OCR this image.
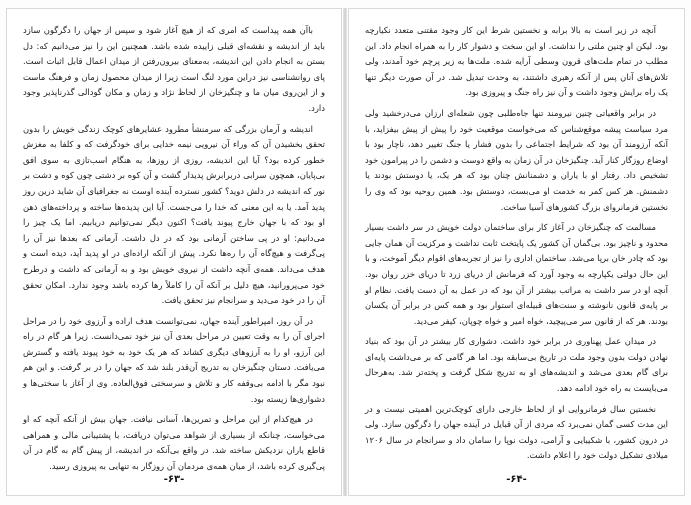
باآن همه پیداست که امری که از هیچ آغاز شود و سپس از جهان را دگرگون سازد باید از اندیشه و نقشه‌ای قبلی زاییده شده باشد. همچنین این را نیز می‌دانیم که: دل بستن به انجام دادن این اندیشه، به‌معنای بیرون‌رفتن از میدان اعمال قابل اثبات است. پای روانشناسی نیز دراین مورد لنگ است زیرا از میدان محصول زمان و فرهنگ ماست و از این‌روی میان ما و چنگیزخان از لحاظ نژاد و زمان و مکان گودالی گذرناپذیر وجود دارد.

اندیشه و آرمان بزرگی که سرمنشأ مطرود عشایرهای کوچک زندگی خویش را بدون تحقق بخشیدن آن که وراء آن نیرویی نیمه خدایی برای خودگرفت که و کلفا به مغزش خطور کرده بود؟ آیا این اندیشه، روزی از روزها، به هنگام اسب‌تازی به سوی افق بی‌پایان، همچون سرابی دربرابرش پدیدار گشت و آن کوه بر دشتی چون کوه و دشت بر نور که اندیشه در دلش دوید؟ کشور نسترده آینده اوست نه جغرافیای آن شاید درین روز پدید آمد. یا به این معنی که خدا را می‌جست. آیا این پدیده‌ها ساخته و پرداخته‌های ذهن او بود که با جهان خارج پیوند یافت؟ اکنون دیگر نمی‌توانیم دریابیم. اما یک چیز را می‌دانیم: او در پی ساختن آرمانی بود که در دل داشت. آرمانی که بعدها نیز آن را پی‌گرفت و هیچ‌گاه آن را ره‌ها نکرد. پیش از آنکه اراده‌ای در او پدید آید، دیده است و هدف می‌داند. همه‌ی آنچه داشت از نیروی خویش بود و به آرمانی که داشت و درطرح خود می‌پرورانید، هیچ دلیل بر آنکه آن را کاملاً رها کرده باشد وجود ندارد. امکان تحقق آن را در خود می‌دید و سرانجام نیز تحقق یافت.

در آن روز، امپراطور آینده جهان، نمی‌توانست هدف اراده و آرزوی خود را در مراحل اجرای آن را به وقت تعیین در مراحل بعدی آن نیز خود نمی‌دانست. زیرا هر گام در راه این آرزو، او را به آرزوهای دیگری کشاند که هر یک خود به خود پیوند یافته و گسترش می‌یافت. دستان چنگیزخان به تدریج آن‌قدر بلند شد که جهان را در بر گرفت. و این هم نبود مگر با ادامه بی‌وقفه کار و تلاش و سرسختی فوق‌العاده. وی از آغاز با سختی‌ها و دشواری‌ها زیسته بود.

در هیچ‌کدام از این مراحل و تمرین‌ها، آسانی نیافت. جهان بیش از آنکه آنچه که او می‌خواست، چنانکه از بسیاری از شواهد می‌توان دریافت، با پشتیبانی مالی و همراهی قاطع یاران نزدیکش ساخته شد. در واقع بی‌آنکه در اندیشه، از پیش گام به گام در آن پی‌گیری کرده باشد، از میان همه‌ی مردمان آن روزگار به تنهایی به پیروزی رسید.

-۶۳-

آنچه در زیر است به بالا برابه و نخستین شرط این کار وجود مقتنی متعدد نکیارچه بود. لیکن او چنین ملتی را نداشت. او این سخت و دشوار کار را به همراه انجام داد. این مطلب در تمام ملت‌های قرون وسطی آرایه شده. ملت‌ها به زیر پرچم خود آمدند، ولی تلاش‌های آنان پس از آنکه رهبری داشتند، به وحدت تبدیل شد. در آن صورت دیگر تنها یک راه برایش وجود داشت و آن نیز راه جنگ و پیروزی بود.

در برابر واقعیاتی چنین نیرومند تنها جاه‌طلبی چون شعله‌ای ارزان می‌درخشید ولی مرد سیاست پیشه موقع‌شناس که می‌خواست موقعیت خود را پیش از پیش بیفزاید، با آنکه آرزومند آن بود که شرایط اجتماعی را بدون فشار یا جنگ تغییر دهد، ناچار بود با اوضاع روزگار کنار آید. چنگیزخان در آن زمان به واقع دوست و دشمن را در پیرامون خود تشخیص داد. رفتار او با یاران و دشمنانش چنان بود که هر یک، یا دوستش بودند یا دشمنش. هر کس کمر به خدمت او می‌بست، دوستش بود. همین روحیه بود که وی را نخستین فرمانروای بزرگ کشورهای آسیا ساخت.

مسالمت که چنگیزخان در آغاز کار برای ساختمان دولت خویش در سر داشت بسیار محدود و ناچیز بود. بی‌گمان آن کشور یک پایتخت ثابت نداشت و مرکزیت آن همان جایی بود که چادر خان برپا می‌شد. ساختمان اداری را نیز از تجربه‌های اقوام دیگر آموخت، و با این حال دولتی یکپارچه به وجود آورد که فرمانش از دریای زرد تا دریای خزر روان بود. آنچه او در سر داشت به مراتب بیشتر از آن بود که در عمل به آن دست یافت. نظام او بر پایه‌ی قانون نانوشته و سنت‌های قبیله‌ای استوار بود و همه کس در برابر آن یکسان بودند. هر که از قانون سر می‌پیچید، خواه امیر و خواه چوپان، کیفر می‌دید.

در میدان عمل پهناوری در برابر خود داشت. دشواری کار بیشتر در آن بود که بنیاد نهادن دولت بدون وجود ملت در تاریخ بی‌سابقه بود. اما هر گامی که بر می‌داشت پایه‌ای برای گام بعدی می‌شد و اندیشه‌های او به تدریج شکل گرفت و پخته‌تر شد. به‌هرحال می‌بایست به راه خود ادامه دهد.

نخستین سال فرمانروایی او از لحاظ خارجی دارای کوچک‌ترین اهمیتی نیست و در این مدت کسی گمان نمی‌برد که مردی از آن قبایل در آینده جهان را دگرگون سازد. ولی در درون کشور، با شکیبایی و آرامی، دولت نوپا را سامان داد و سرانجام در سال ۱۲۰۶ میلادی تشکیل دولت خود را اعلام داشت.

-۶۴-
